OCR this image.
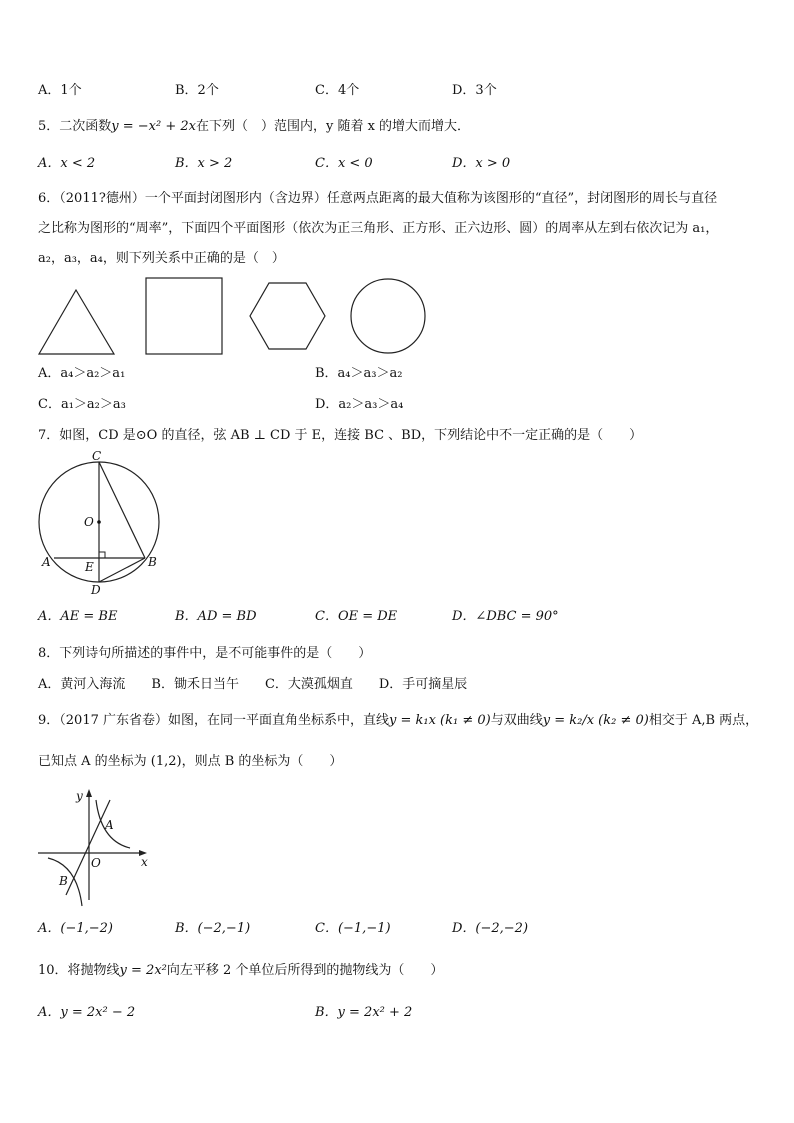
A．1个	B．2个	C．4个	D．3个
5．二次函数y = −x² + 2x在下列（　）范围内，y 随着 x 的增大而增大．
A．x < 2	B．x > 2	C．x < 0	D．x > 0
6．（2011?德州）一个平面封闭图形内（含边界）任意两点距离的最大值称为该图形的“直径”，封闭图形的周长与直径
之比称为图形的“周率”，下面四个平面图形（依次为正三角形、正方形、正六边形、圆）的周率从左到右依次记为 a₁，
a₂，a₃，a₄，则下列关系中正确的是（　）
A．a₄＞a₂＞a₁	B．a₄＞a₃＞a₂
C．a₁＞a₂＞a₃	D．a₂＞a₃＞a₄
7．如图，CD 是⊙O 的直径，弦 AB ⊥ CD 于 E，连接 BC 、BD，下列结论中不一定正确的是（　　）
C
O
A	E	B
D
A．AE = BE	B．AD = BD	C．OE = DE	D．∠DBC = 90°
8．下列诗句所描述的事件中，是不可能事件的是（　　）
A．黄河入海流　　B．锄禾日当午　　C．大漠孤烟直　　D．手可摘星辰
9．（2017 广东省卷）如图，在同一平面直角坐标系中，直线y = k₁x (k₁ ≠ 0)与双曲线y = k₂/x (k₂ ≠ 0)相交于 A,B 两点，
已知点 A 的坐标为 (1,2)，则点 B 的坐标为（　　）
y
x
O
A
B
A．(−1,−2)	B．(−2,−1)	C．(−1,−1)	D．(−2,−2)
10．将抛物线y = 2x²向左平移 2 个单位后所得到的抛物线为（　　）
A．y = 2x² − 2	B．y = 2x² + 2
